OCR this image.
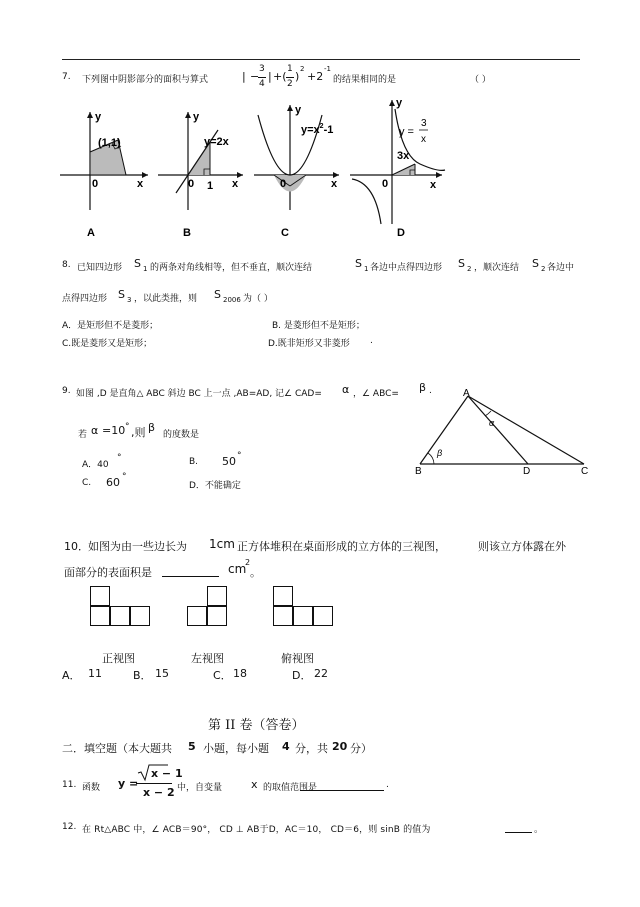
7. 下列图中阴影部分的面积与算式	| −
3
4
| +(
1
2
)
2
+2
-1
的结果相同的是	（ ）
y
(1,1)
0	x
A
y
y=2x
0 1 x
B
y
$y=x^2-1$
0	x
C
y
y =
3
x
3x
0	x
D
8. 已知四边形 S 1 的两条对角线相等，但不垂直，顺次连结	S 1 各边中点得四边形 S 2 ，顺次连结 S 2 各边中
点得四边形 S 3 ，以此类推，则 S 2006 为（ ）
A．是矩形但不是菱形；	B. 是菱形但不是矩形；
C.既是菱形又是矩形；	D.既非矩形又非菱形 .
9. 如图 ,D 是直角△ ABC 斜边 BC 上一点 ,AB=AD, 记∠ CAD= α ，∠ ABC= β .
若 α =10 ° ,则 β
的度数是
A．40
°	B. 50 °
C. 60 °
D．不能确定
A
B	D	C
α
β
10． 如图为由一些边长为 1cm 正方体堆积在桌面形成的立方体的三视图，	则该立方体露在外
面部分的表面积是	cm
2
。
正视图	左视图	俯视图
A． 11	B． 15	C． 18	D． 22
第 II 卷（答卷）
二．填空题（本大题共 5 小题，每小题 4 分，共 20 分）
11. 函数 y =
x − 1
x − 2 中，自变量	x 的取值范围是	.
12. 在 Rt△ABC 中，∠ ACB＝90°， CD ⊥ AB于D，AC＝10， CD＝6，则 sinB 的值为	。
